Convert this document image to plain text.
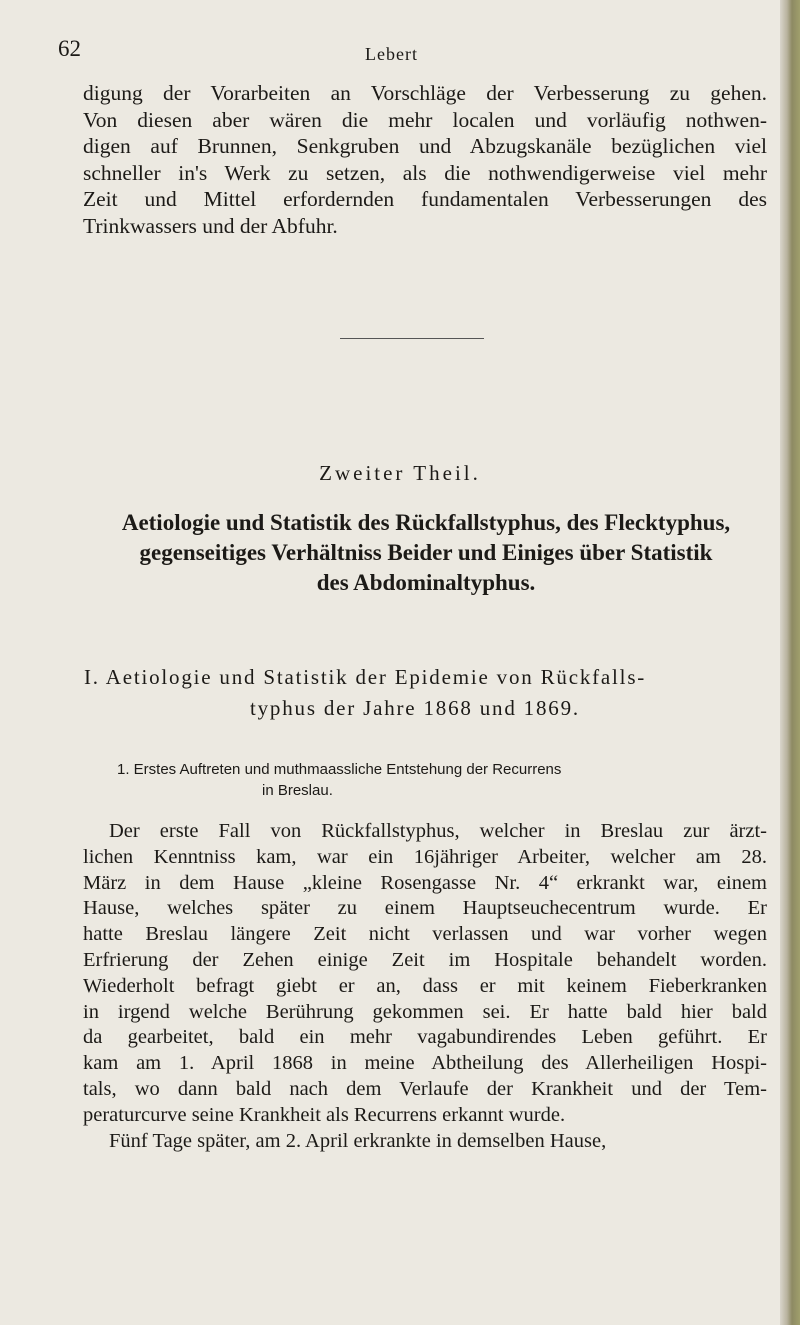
62	Lebert
digung der Vorarbeiten an Vorschläge der Verbesserung zu gehen.
Von diesen aber wären die mehr localen und vorläufig nothwen-
digen auf Brunnen, Senkgruben und Abzugskanäle bezüglichen viel
schneller in's Werk zu setzen, als die nothwendigerweise viel mehr
Zeit und Mittel erfordernden fundamentalen Verbesserungen des
Trinkwassers und der Abfuhr.
Zweiter Theil.
Aetiologie und Statistik des Rückfallstyphus, des Flecktyphus,
gegenseitiges Verhältniss Beider und Einiges über Statistik
des Abdominaltyphus.
I. Aetiologie und Statistik der Epidemie von Rückfalls-
typhus der Jahre 1868 und 1869.
1. Erstes Auftreten und muthmaassliche Entstehung der Recurrens
in Breslau.
Der erste Fall von Rückfallstyphus, welcher in Breslau zur ärzt-
lichen Kenntniss kam, war ein 16jähriger Arbeiter, welcher am 28.
März in dem Hause „kleine Rosengasse Nr. 4“ erkrankt war, einem
Hause, welches später zu einem Hauptseuchecentrum wurde. Er
hatte Breslau längere Zeit nicht verlassen und war vorher wegen
Erfrierung der Zehen einige Zeit im Hospitale behandelt worden.
Wiederholt befragt giebt er an, dass er mit keinem Fieberkranken
in irgend welche Berührung gekommen sei. Er hatte bald hier bald
da gearbeitet, bald ein mehr vagabundirendes Leben geführt. Er
kam am 1. April 1868 in meine Abtheilung des Allerheiligen Hospi-
tals, wo dann bald nach dem Verlaufe der Krankheit und der Tem-
peraturcurve seine Krankheit als Recurrens erkannt wurde.
Fünf Tage später, am 2. April erkrankte in demselben Hause,
